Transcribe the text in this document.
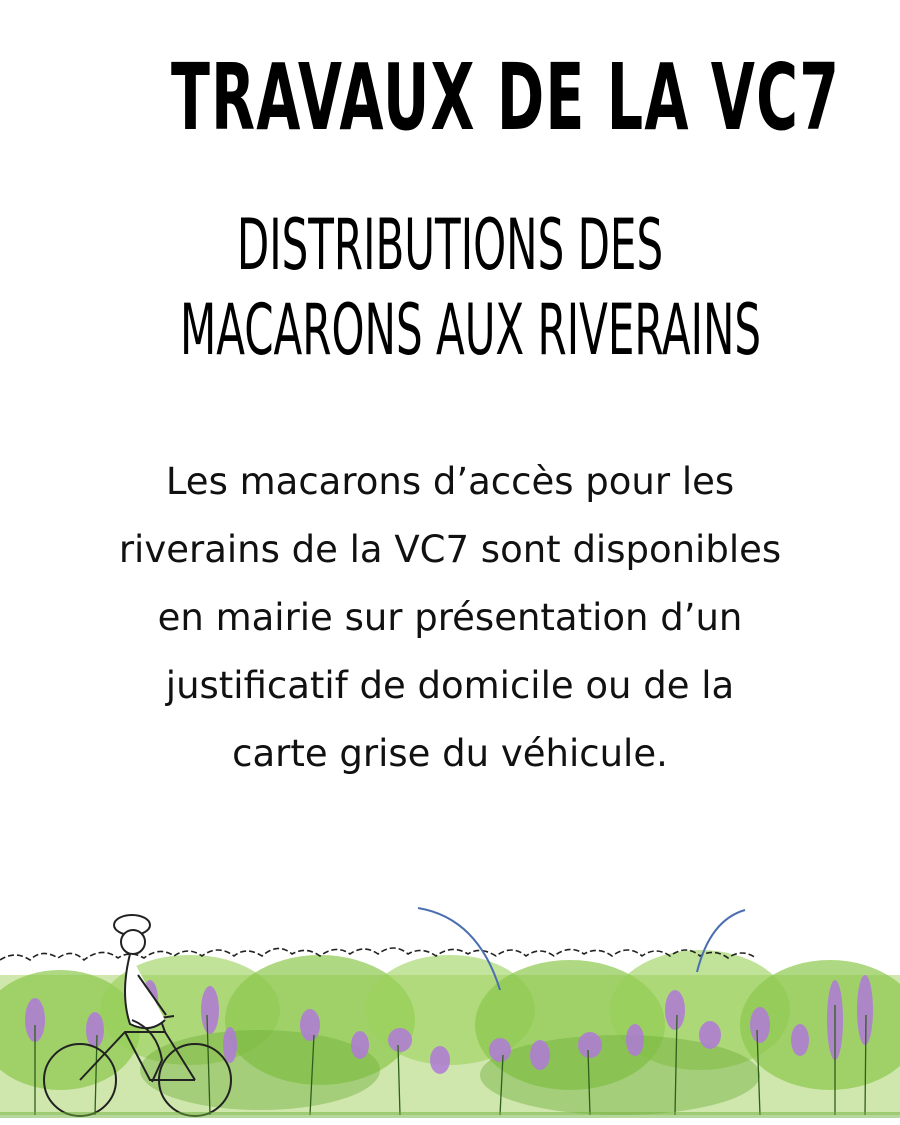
TRAVAUX DE LA VC7
DISTRIBUTIONS DES
MACARONS AUX RIVERAINS
Les macarons d’accès pour les
riverains de la VC7 sont disponibles
en mairie sur présentation d’un
justificatif de domicile ou de la
carte grise du véhicule.
